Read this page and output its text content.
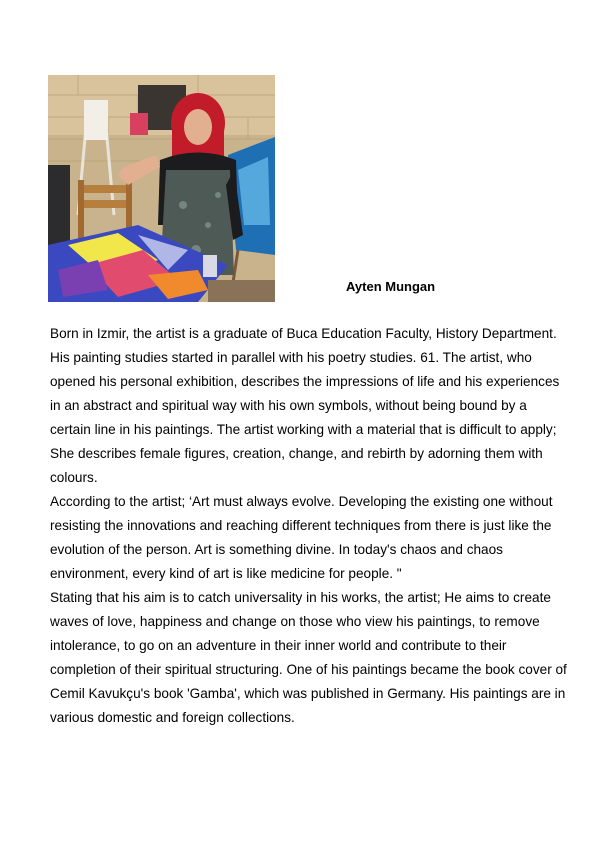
Ayten Mungan

Born in Izmir, the artist is a graduate of Buca Education Faculty, History Department. His painting studies started in parallel with his poetry studies. 61. The artist, who opened his personal exhibition, describes the impressions of life and his experiences in an abstract and spiritual way with his own symbols, without being bound by a certain line in his paintings. The artist working with a material that is difficult to apply; She describes female figures, creation, change, and rebirth by adorning them with colours.

According to the artist; ‘Art must always evolve. Developing the existing one without resisting the innovations and reaching different techniques from there is just like the evolution of the person. Art is something divine. In today's chaos and chaos environment, every kind of art is like medicine for people. "

Stating that his aim is to catch universality in his works, the artist; He aims to create waves of love, happiness and change on those who view his paintings, to remove intolerance, to go on an adventure in their inner world and contribute to their completion of their spiritual structuring. One of his paintings became the book cover of Cemil Kavukçu's book 'Gamba', which was published in Germany. His paintings are in various domestic and foreign collections.
